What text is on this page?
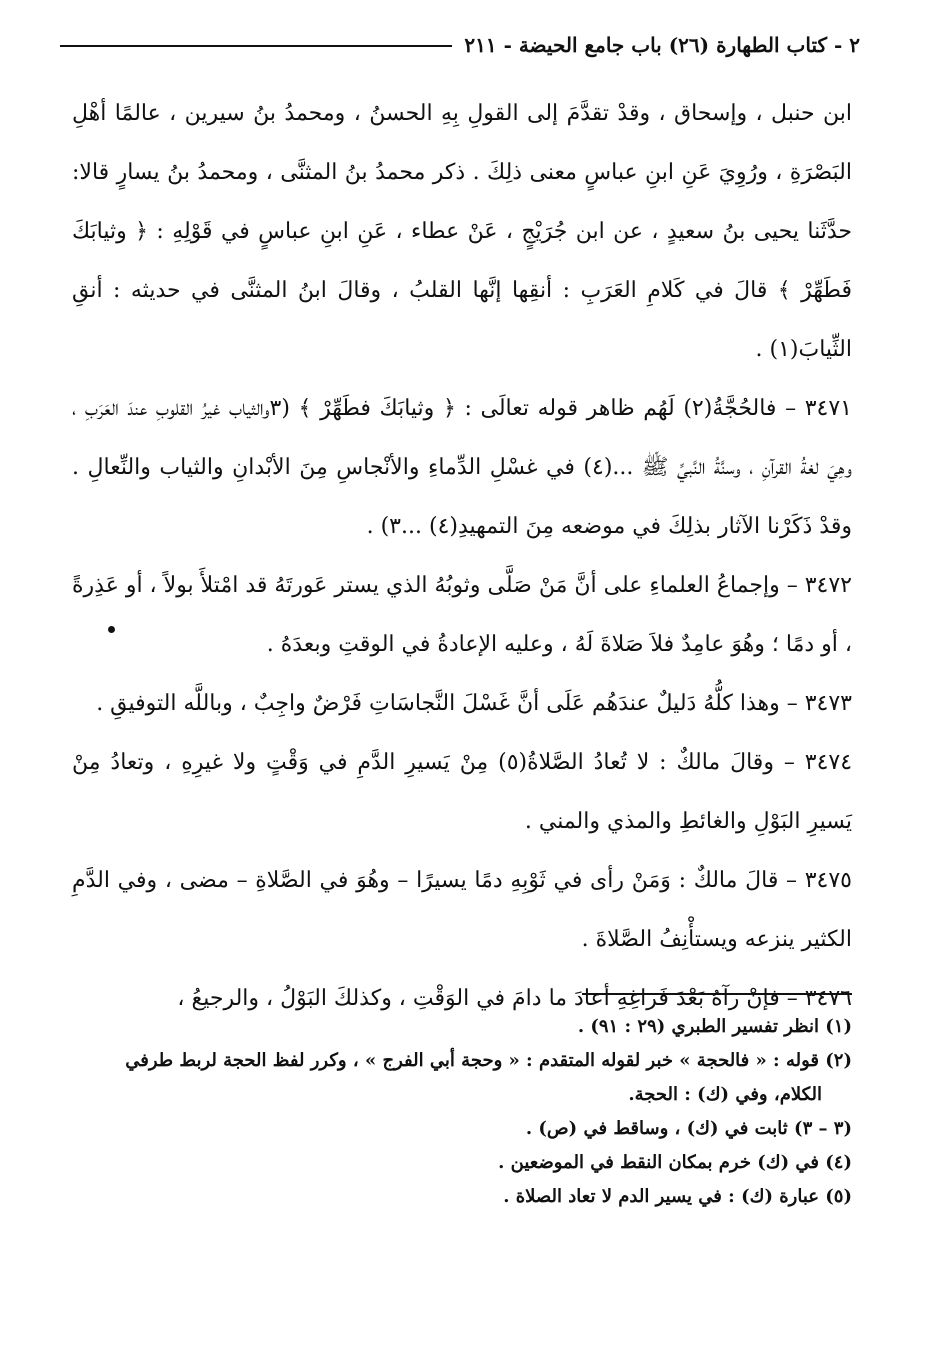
٢ - كتاب الطهارة (٢٦) باب جامع الحيضة - ٢١١

ابن حنبل ، وإسحاق ، وقدْ تقدَّمَ إلى القولِ بِهِ الحسنُ ، ومحمدُ بنُ سيرين ، عالمًا أهْلِ البَصْرَةِ ، ورُوِيَ عَنِ ابنِ عباسٍ معنى ذلِكَ . ذكر محمدُ بنُ المثنَّى ، ومحمدُ بنُ يسارٍ قالا: حدَّثَنا يحيى بنُ سعيدٍ ، عن ابن جُرَيْجٍ ، عَنْ عطاء ، عَنِ ابنِ عباسٍ في قَوْلِهِ : ﴿ وثيابَكَ فَطَهِّرْ ﴾ قالَ في كَلامِ العَرَبِ : أنقِها إنَّها القلبُ ، وقالَ ابنُ المثنَّى في حديثه : أنقِ الثِّيابَ(١) .

٣٤٧١ – فالحُجَّةُ(٢) لَهُم ظاهر قوله تعالَى : ﴿ وثيابَكَ فطَهِّرْ ﴾ (٣والثياب غيرُ القلوبِ عندَ العَرَبِ ، وهِيَ لغةُ القرآنِ ، وسنَّةُ النَّبيِّ ﷺ ...(٤) في غسْلِ الدِّماءِ والأنْجاسِ مِنَ الأبْدانِ والثياب والنِّعالِ . وقدْ ذَكَرْنا الآثار بذلِكَ في موضعه مِنَ التمهيدِ(٤) ...٣) .

٣٤٧٢ – وإجماعُ العلماءِ على أنَّ مَنْ صَلَّى وثوبُهُ الذي يستر عَورتَهُ قد امْتلأَ بولاً ، أو عَذِرةً ، أو دمًا ؛ وهُوَ عامِدٌ فلاَ صَلاةَ لَهُ ، وعليه الإعادةُ في الوقتِ وبعدَهُ .

٣٤٧٣ – وهذا كلُّهُ دَليلٌ عندَهُم عَلَى أنَّ غَسْلَ النَّجاسَاتِ فَرْضٌ واجِبٌ ، وباللَّه التوفيقِ .

٣٤٧٤ – وقالَ مالكٌ : لا تُعادُ الصَّلاةُ(٥) مِنْ يَسيرِ الدَّمِ في وَقْتٍ ولا غيرِهِ ، وتعادُ مِنْ يَسيرِ البَوْلِ والغائطِ والمذي والمني .

٣٤٧٥ – قالَ مالكٌ : وَمَنْ رأى في ثَوْبِهِ دمًا يسيرًا – وهُوَ في الصَّلاةِ – مضى ، وفي الدَّمِ الكثير ينزعه ويستأْنِفُ الصَّلاةَ .

٣٤٧٦ – فإنْ رآهُ بَعْدَ فَراغِهِ أعادَ ما دامَ في الوَقْتِ ، وكذلكَ البَوْلُ ، والرجيعُ ،

(١) انظر تفسير الطبري (٢٩ : ٩١) .

(٢) قوله : « فالحجة » خبر لقوله المتقدم : « وحجة أبي الفرج » ، وكرر لفظ الحجة لربط طرفي

الكلام، وفي (ك) : الحجة.

(٣ – ٣) ثابت في (ك) ، وساقط في (ص) .

(٤) في (ك) خرم بمكان النقط في الموضعين .

(٥) عبارة (ك) : في يسير الدم لا تعاد الصلاة .
